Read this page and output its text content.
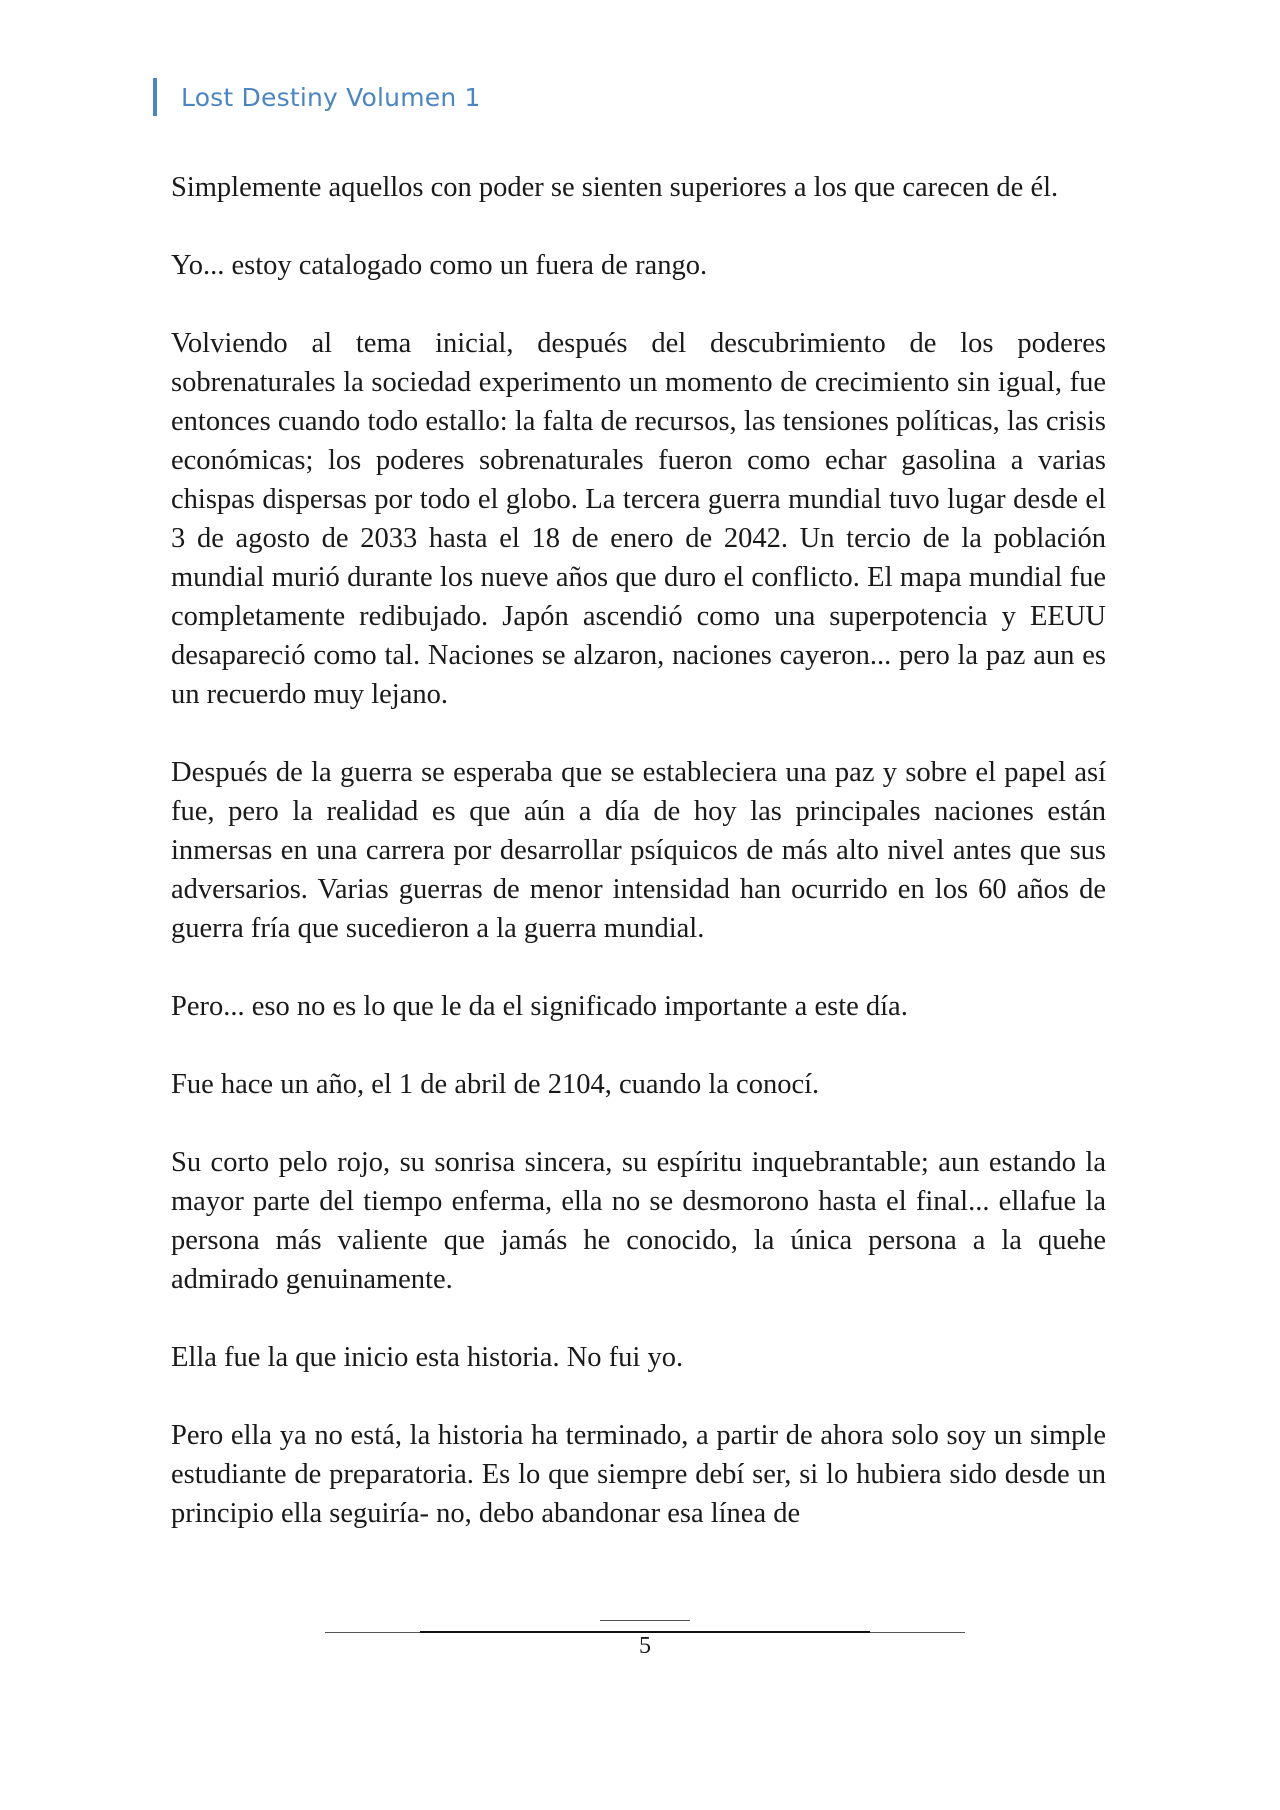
Lost Destiny Volumen 1

Simplemente aquellos con poder se sienten superiores a los que carecen de él.

Yo... estoy catalogado como un fuera de rango.

Volviendo al tema inicial, después del descubrimiento de los poderes sobrenaturales la sociedad experimento un momento de crecimiento sin igual, fue entonces cuando todo estallo: la falta de recursos, las tensiones políticas, las crisis económicas; los poderes sobrenaturales fueron como echar gasolina a varias chispas dispersas por todo el globo. La tercera guerra mundial tuvo lugar desde el 3 de agosto de 2033 hasta el 18 de enero de 2042. Un tercio de la población mundial murió durante los nueve años que duro el conflicto. El mapa mundial fue completamente redibujado. Japón ascendió como una superpotencia y EEUU desapareció como tal. Naciones se alzaron, naciones cayeron... pero la paz aun es un recuerdo muy lejano.

Después de la guerra se esperaba que se estableciera una paz y sobre el papel así fue, pero la realidad es que aún a día de hoy las principales naciones están inmersas en una carrera por desarrollar psíquicos de más alto nivel antes que sus adversarios. Varias guerras de menor intensidad han ocurrido en los 60 años de guerra fría que sucedieron a la guerra mundial.

Pero... eso no es lo que le da el significado importante a este día.

Fue hace un año, el 1 de abril de 2104, cuando la conocí.

Su corto pelo rojo, su sonrisa sincera, su espíritu inquebrantable; aun estando la mayor parte del tiempo enferma, ella no se desmorono hasta el final... ellafue la persona más valiente que jamás he conocido, la única persona a la quehe admirado genuinamente.

Ella fue la que inicio esta historia. No fui yo.

Pero ella ya no está, la historia ha terminado, a partir de ahora solo soy un simple estudiante de preparatoria. Es lo que siempre debí ser, si lo hubiera sido desde un principio ella seguiría- no, debo abandonar esa línea de

5
